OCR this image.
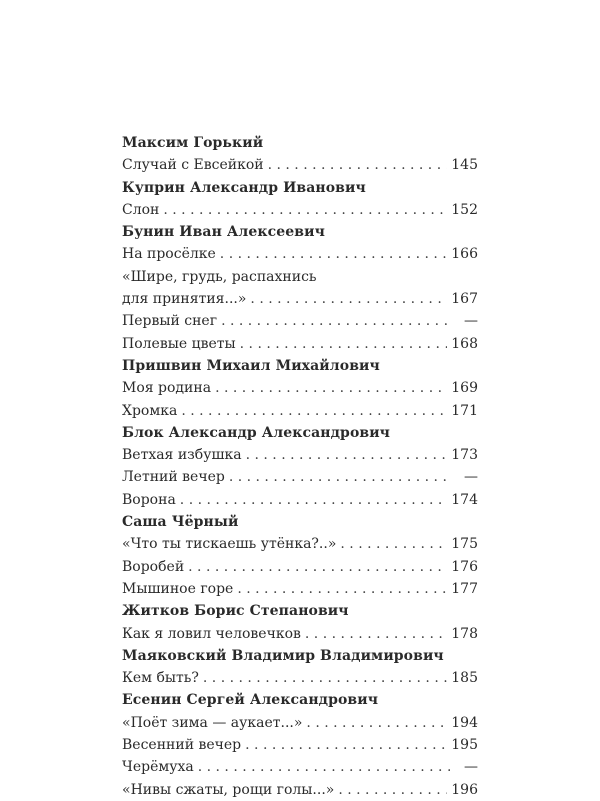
Максим Горький
Случай с Евсейкой . . .	145
Куприн Александр Иванович
Слон . . .	152
Бунин Иван Алексеевич
На просёлке . . .	166
«Шире, грудь, распахнись
для принятия...» . . .	167
Первый снег . . .	—
Полевые цветы . . .	168
Пришвин Михаил Михайлович
Моя родина . . .	169
Хромка . . .	171
Блок Александр Александрович
Ветхая избушка . . .	173
Летний вечер . . .	—
Ворона . . .	174
Саша Чёрный
«Что ты тискаешь утёнка?..» . . .	175
Воробей . . .	176
Мышиное горе . . .	177
Житков Борис Степанович
Как я ловил человечков . . .	178
Маяковский Владимир Владимирович
Кем быть? . . .	185
Есенин Сергей Александрович
«Поёт зима — аукает...» . . .	194
Весенний вечер . . .	195
Черёмуха . . .	—
«Нивы сжаты, рощи голы...» . . .	196
